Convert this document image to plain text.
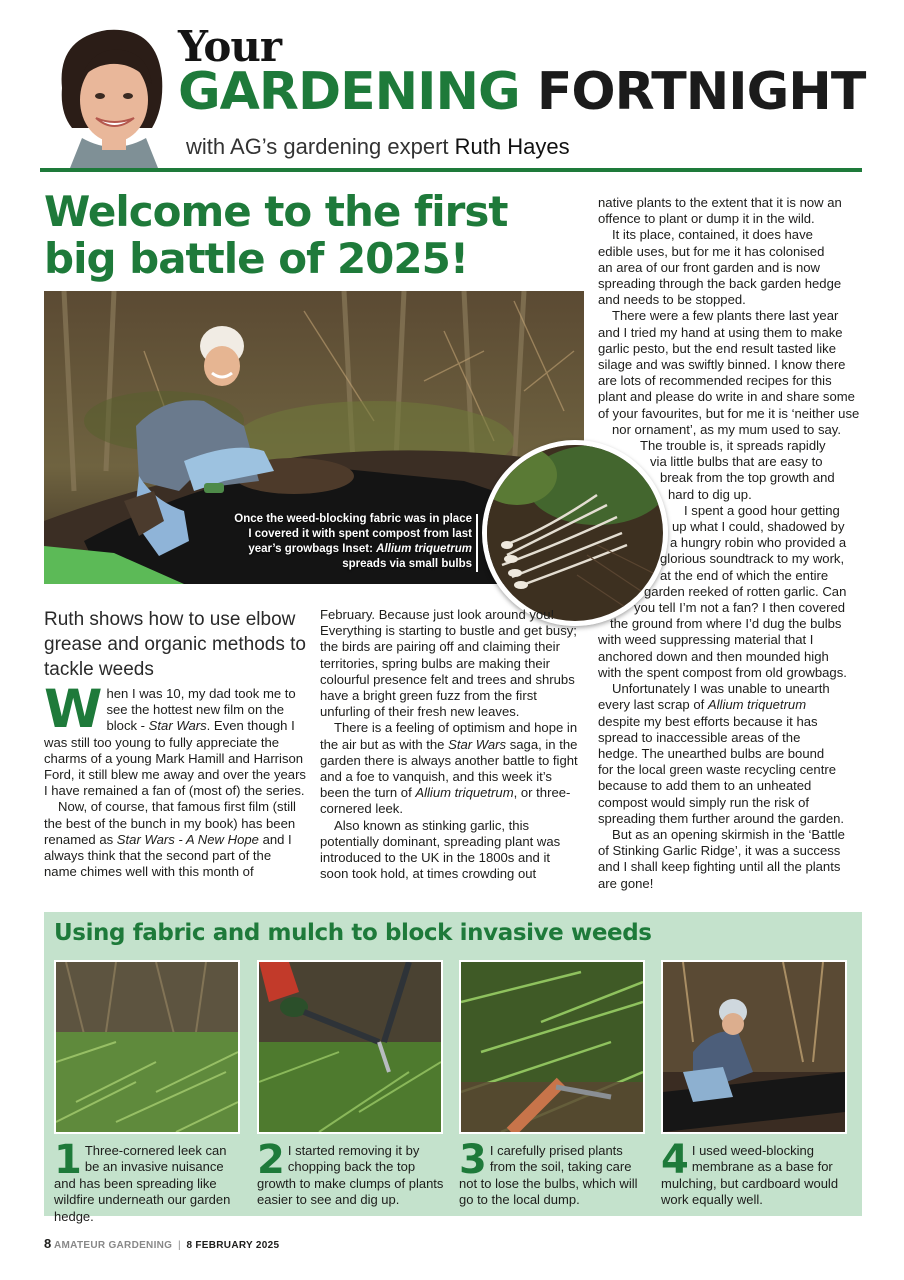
Your
GARDENING FORTNIGHT
with AG’s gardening expert Ruth Hayes
Welcome to the first big battle of 2025!
Once the weed-blocking fabric was in place I covered it with spent compost from last year’s growbags Inset: Allium triquetrum spreads via small bulbs
Ruth shows how to use elbow grease and organic methods to tackle weeds

When I was 10, my dad took me to see the hottest new film on the block - Star Wars. Even though I was still too young to fully appreciate the charms of a young Mark Hamill and Harrison Ford, it still blew me away and over the years I have remained a fan of (most of) the series.

Now, of course, that famous first film (still the best of the bunch in my book) has been renamed as Star Wars - A New Hope and I always think that the second part of the name chimes well with this month of

February. Because just look around you! Everything is starting to bustle and get busy; the birds are pairing off and claiming their territories, spring bulbs are making their colourful presence felt and trees and shrubs have a bright green fuzz from the first unfurling of their fresh new leaves.

There is a feeling of optimism and hope in the air but as with the Star Wars saga, in the garden there is always another battle to fight and a foe to vanquish, and this week it’s been the turn of Allium triquetrum, or three-cornered leek.

Also known as stinking garlic, this potentially dominant, spreading plant was introduced to the UK in the 1800s and it soon took hold, at times crowding out

native plants to the extent that it is now an
offence to plant or dump it in the wild.
It its place, contained, it does have
edible uses, but for me it has colonised
an area of our front garden and is now
spreading through the back garden hedge
and needs to be stopped.
There were a few plants there last year
and I tried my hand at using them to make
garlic pesto, but the end result tasted like
silage and was swiftly binned. I know there
are lots of recommended recipes for this
plant and please do write in and share some
of your favourites, but for me it is ‘neither use
nor ornament’, as my mum used to say.
The trouble is, it spreads rapidly
via little bulbs that are easy to
break from the top growth and
hard to dig up.
I spent a good hour getting
up what I could, shadowed by
a hungry robin who provided a
glorious soundtrack to my work,
at the end of which the entire
garden reeked of rotten garlic. Can
you tell I’m not a fan? I then covered
the ground from where I’d dug the bulbs
with weed suppressing material that I
anchored down and then mounded high
with the spent compost from old growbags.
Unfortunately I was unable to unearth
every last scrap of Allium triquetrum
despite my best efforts because it has
spread to inaccessible areas of the
hedge. The unearthed bulbs are bound
for the local green waste recycling centre
because to add them to an unheated
compost would simply run the risk of
spreading them further around the garden.
But as an opening skirmish in the ‘Battle
of Stinking Garlic Ridge’, it was a success
and I shall keep fighting until all the plants
are gone!
Using fabric and mulch to block invasive weeds
1 Three-cornered leek can be an invasive nuisance and has been spreading like wildfire underneath our garden hedge.
2 I started removing it by chopping back the top growth to make clumps of plants easier to see and dig up.
3 I carefully prised plants from the soil, taking care not to lose the bulbs, which will go to the local dump.
4 I used weed-blocking membrane as a base for mulching, but cardboard would work equally well.
8 AMATEUR GARDENING | 8 FEBRUARY 2025
